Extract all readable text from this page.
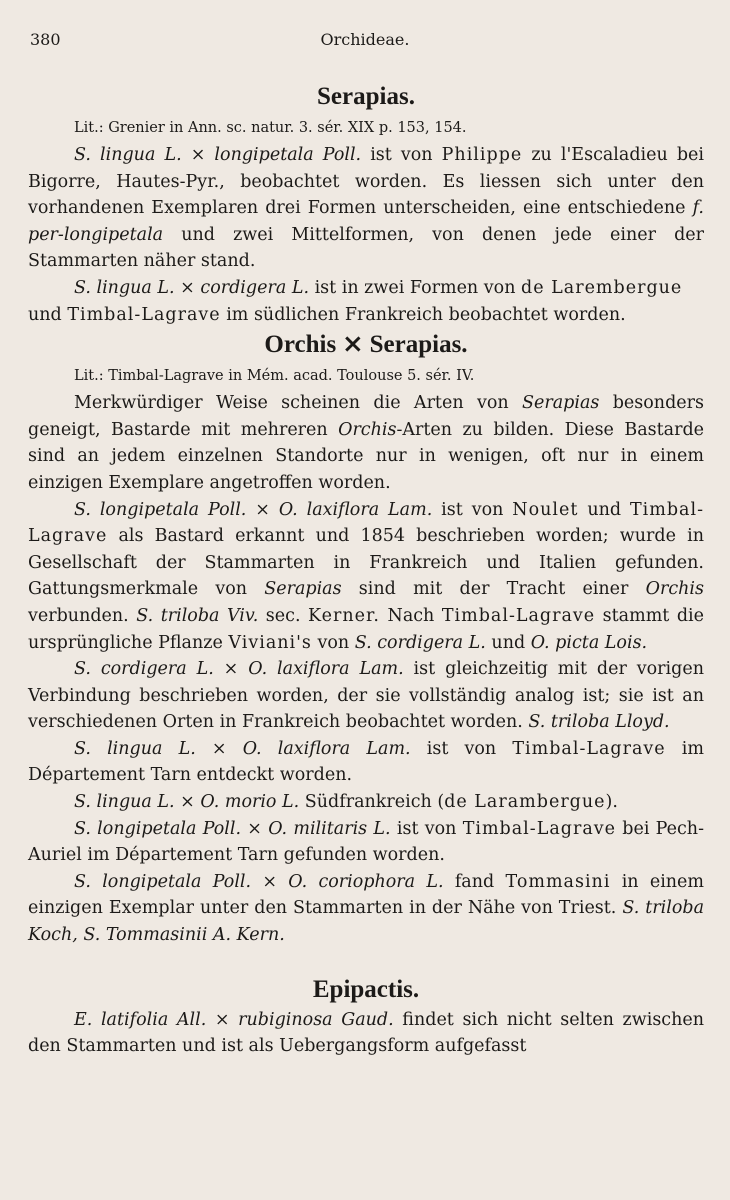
380	Orchideae.
Serapias.
Lit.: Grenier in Ann. sc. natur. 3. sér. XIX p. 153, 154.

S. lingua L. ⨯ longipetala Poll. ist von Philippe zu l'Escaladieu bei Bigorre, Hautes-Pyr., beobachtet worden. Es liessen sich unter den vorhandenen Exemplaren drei Formen unterscheiden, eine entschiedene f. per-longipetala und zwei Mittelformen, von denen jede einer der Stammarten näher stand.

S. lingua L. ⨯ cordigera L. ist in zwei Formen von de Larembergue und Timbal-Lagrave im südlichen Frankreich beobachtet worden.

Orchis ⨯ Serapias.
Lit.: Timbal-Lagrave in Mém. acad. Toulouse 5. sér. IV.

Merkwürdiger Weise scheinen die Arten von Serapias besonders geneigt, Bastarde mit mehreren Orchis-Arten zu bilden. Diese Bastarde sind an jedem einzelnen Standorte nur in wenigen, oft nur in einem einzigen Exemplare angetroffen worden.

S. longipetala Poll. ⨯ O. laxiflora Lam. ist von Noulet und Timbal-Lagrave als Bastard erkannt und 1854 beschrieben worden; wurde in Gesellschaft der Stammarten in Frankreich und Italien gefunden. Gattungsmerkmale von Serapias sind mit der Tracht einer Orchis verbunden. S. triloba Viv. sec. Kerner. Nach Timbal-Lagrave stammt die ursprüngliche Pflanze Viviani's von S. cordigera L. und O. picta Lois.

S. cordigera L. ⨯ O. laxiflora Lam. ist gleichzeitig mit der vorigen Verbindung beschrieben worden, der sie vollständig analog ist; sie ist an verschiedenen Orten in Frankreich beobachtet worden. S. triloba Lloyd.

S. lingua L. ⨯ O. laxiflora Lam. ist von Timbal-Lagrave im Département Tarn entdeckt worden.

S. lingua L. ⨯ O. morio L. Südfrankreich (de Larambergue).

S. longipetala Poll. ⨯ O. militaris L. ist von Timbal-Lagrave bei Pech-Auriel im Département Tarn gefunden worden.

S. longipetala Poll. ⨯ O. coriophora L. fand Tommasini in einem einzigen Exemplar unter den Stammarten in der Nähe von Triest. S. triloba Koch, S. Tommasinii A. Kern.

Epipactis.

E. latifolia All. ⨯ rubiginosa Gaud. findet sich nicht selten zwischen den Stammarten und ist als Uebergangsform aufgefasst
